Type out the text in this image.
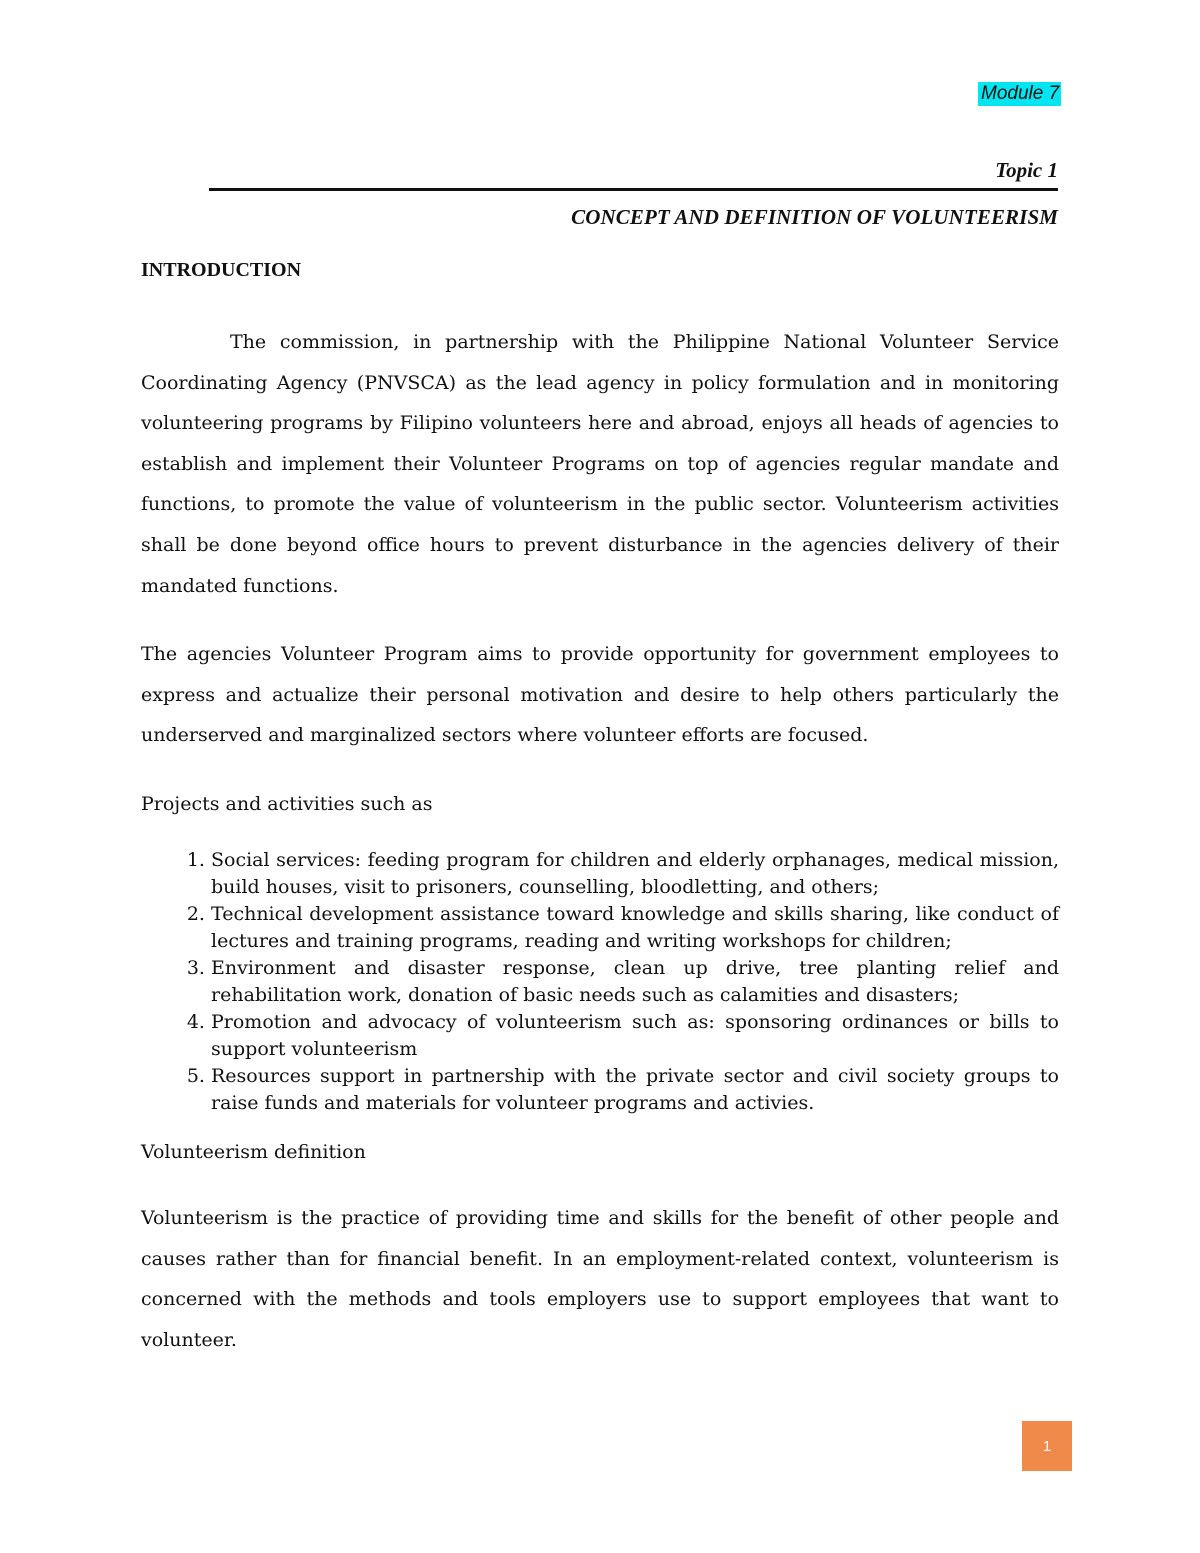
Module 7
Topic 1
CONCEPT AND DEFINITION OF VOLUNTEERISM
INTRODUCTION

The commission, in partnership with the Philippine National Volunteer Service Coordinating Agency (PNVSCA) as the lead agency in policy formulation and in monitoring volunteering programs by Filipino volunteers here and abroad, enjoys all heads of agencies to establish and implement their Volunteer Programs on top of agencies regular mandate and functions, to promote the value of volunteerism in the public sector. Volunteerism activities shall be done beyond office hours to prevent disturbance in the agencies delivery of their mandated functions.

The agencies Volunteer Program aims to provide opportunity for government employees to express and actualize their personal motivation and desire to help others particularly the underserved and marginalized sectors where volunteer efforts are focused.

Projects and activities such as

1. Social services: feeding program for children and elderly orphanages, medical mission, build houses, visit to prisoners, counselling, bloodletting, and others;
2. Technical development assistance toward knowledge and skills sharing, like conduct of lectures and training programs, reading and writing workshops for children;
3. Environment and disaster response, clean up drive, tree planting relief and rehabilitation work, donation of basic needs such as calamities and disasters;
4. Promotion and advocacy of volunteerism such as: sponsoring ordinances or bills to support volunteerism
5. Resources support in partnership with the private sector and civil society groups to raise funds and materials for volunteer programs and activies.

Volunteerism definition

Volunteerism is the practice of providing time and skills for the benefit of other people and causes rather than for financial benefit. In an employment-related context, volunteerism is concerned with the methods and tools employers use to support employees that want to volunteer.

1
